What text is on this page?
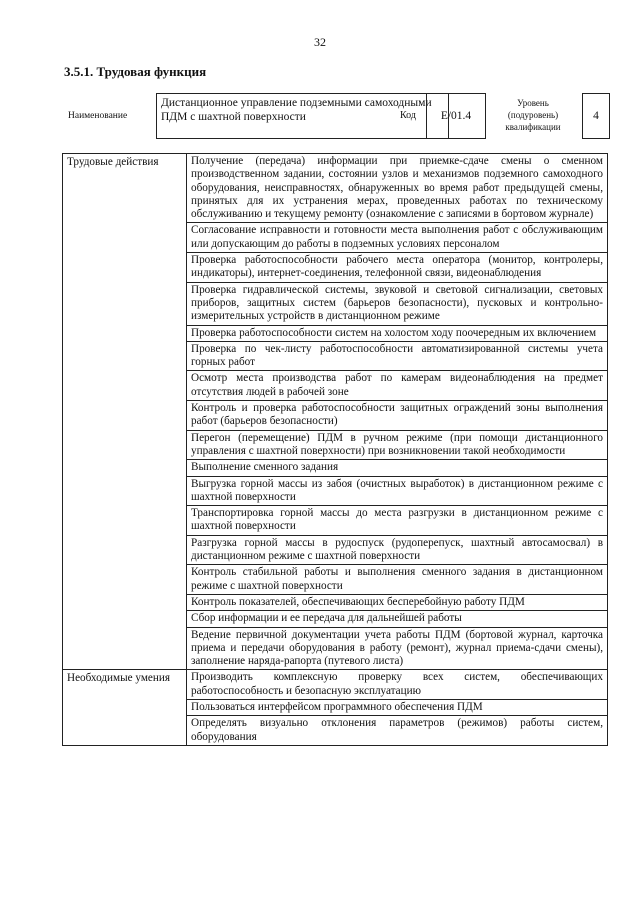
32
3.5.1. Трудовая функция
Наименование
Дистанционное управление подземными самоходными ПДМ с шахтной поверхности	Код	E/01.4
Уровень (подуровень) квалификации
4
Трудовые действия	Получение (передача) информации при приемке-сдаче смены о сменном производственном задании, состоянии узлов и механизмов подземного самоходного оборудования, неисправностях, обнаруженных во время работ предыдущей смены, принятых для их устранения мерах, проведенных работах по техническому обслуживанию и текущему ремонту (ознакомление с записями в бортовом журнале)
	Согласование исправности и готовности места выполнения работ с обслуживающим или допускающим до работы в подземных условиях персоналом
	Проверка работоспособности рабочего места оператора (монитор, контролеры, индикаторы), интернет-соединения, телефонной связи, видеонаблюдения
	Проверка гидравлической системы, звуковой и световой сигнализации, световых приборов, защитных систем (барьеров безопасности), пусковых и контрольно-измерительных устройств в дистанционном режиме
	Проверка работоспособности систем на холостом ходу поочередным их включением
	Проверка по чек-листу работоспособности автоматизированной системы учета горных работ
	Осмотр места производства работ по камерам видеонаблюдения на предмет отсутствия людей в рабочей зоне
	Контроль и проверка работоспособности защитных ограждений зоны выполнения работ (барьеров безопасности)
	Перегон (перемещение) ПДМ в ручном режиме (при помощи дистанционного управления с шахтной поверхности) при возникновении такой необходимости
	Выполнение сменного задания
	Выгрузка горной массы из забоя (очистных выработок) в дистанционном режиме с шахтной поверхности
	Транспортировка горной массы до места разгрузки в дистанционном режиме с шахтной поверхности
	Разгрузка горной массы в рудоспуск (рудоперепуск, шахтный автосамосвал) в дистанционном режиме с шахтной поверхности
	Контроль стабильной работы и выполнения сменного задания в дистанционном режиме с шахтной поверхности
	Контроль показателей, обеспечивающих бесперебойную работу ПДМ
	Сбор информации и ее передача для дальнейшей работы
	Ведение первичной документации учета работы ПДМ (бортовой журнал, карточка приема и передачи оборудования в работу (ремонт), журнал приема-сдачи смены), заполнение наряда-рапорта (путевого листа)
Необходимые умения	Производить комплексную проверку всех систем, обеспечивающих работоспособность и безопасную эксплуатацию
	Пользоваться интерфейсом программного обеспечения ПДМ
	Определять визуально отклонения параметров (режимов) работы систем, оборудования
